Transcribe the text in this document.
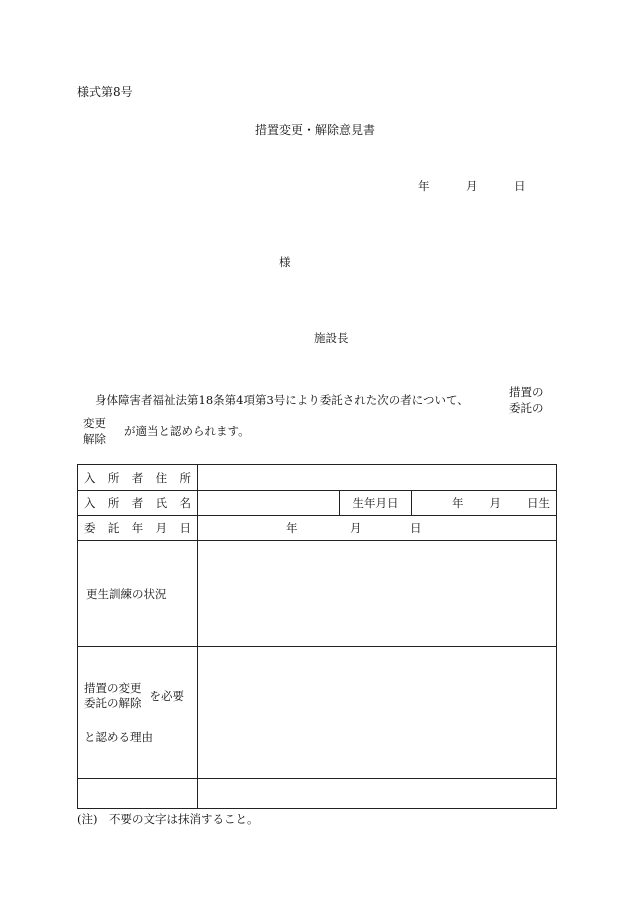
様式第8号
措置変更・解除意見書
年	月	日
様
施設長
身体障害者福祉法第18条第4項第3号により委託された次の者について、
措置の
委託の
変更
解除
が適当と認められます。
入 所 者 住 所			

入 所 者 氏 名		生年月日	年 月 日生

委 託 年 月 日	年 月 日		

更生訓練の状況			

措置の変更
委託の解除 を必要
と認める理由			

(注)　不要の文字は抹消すること。
